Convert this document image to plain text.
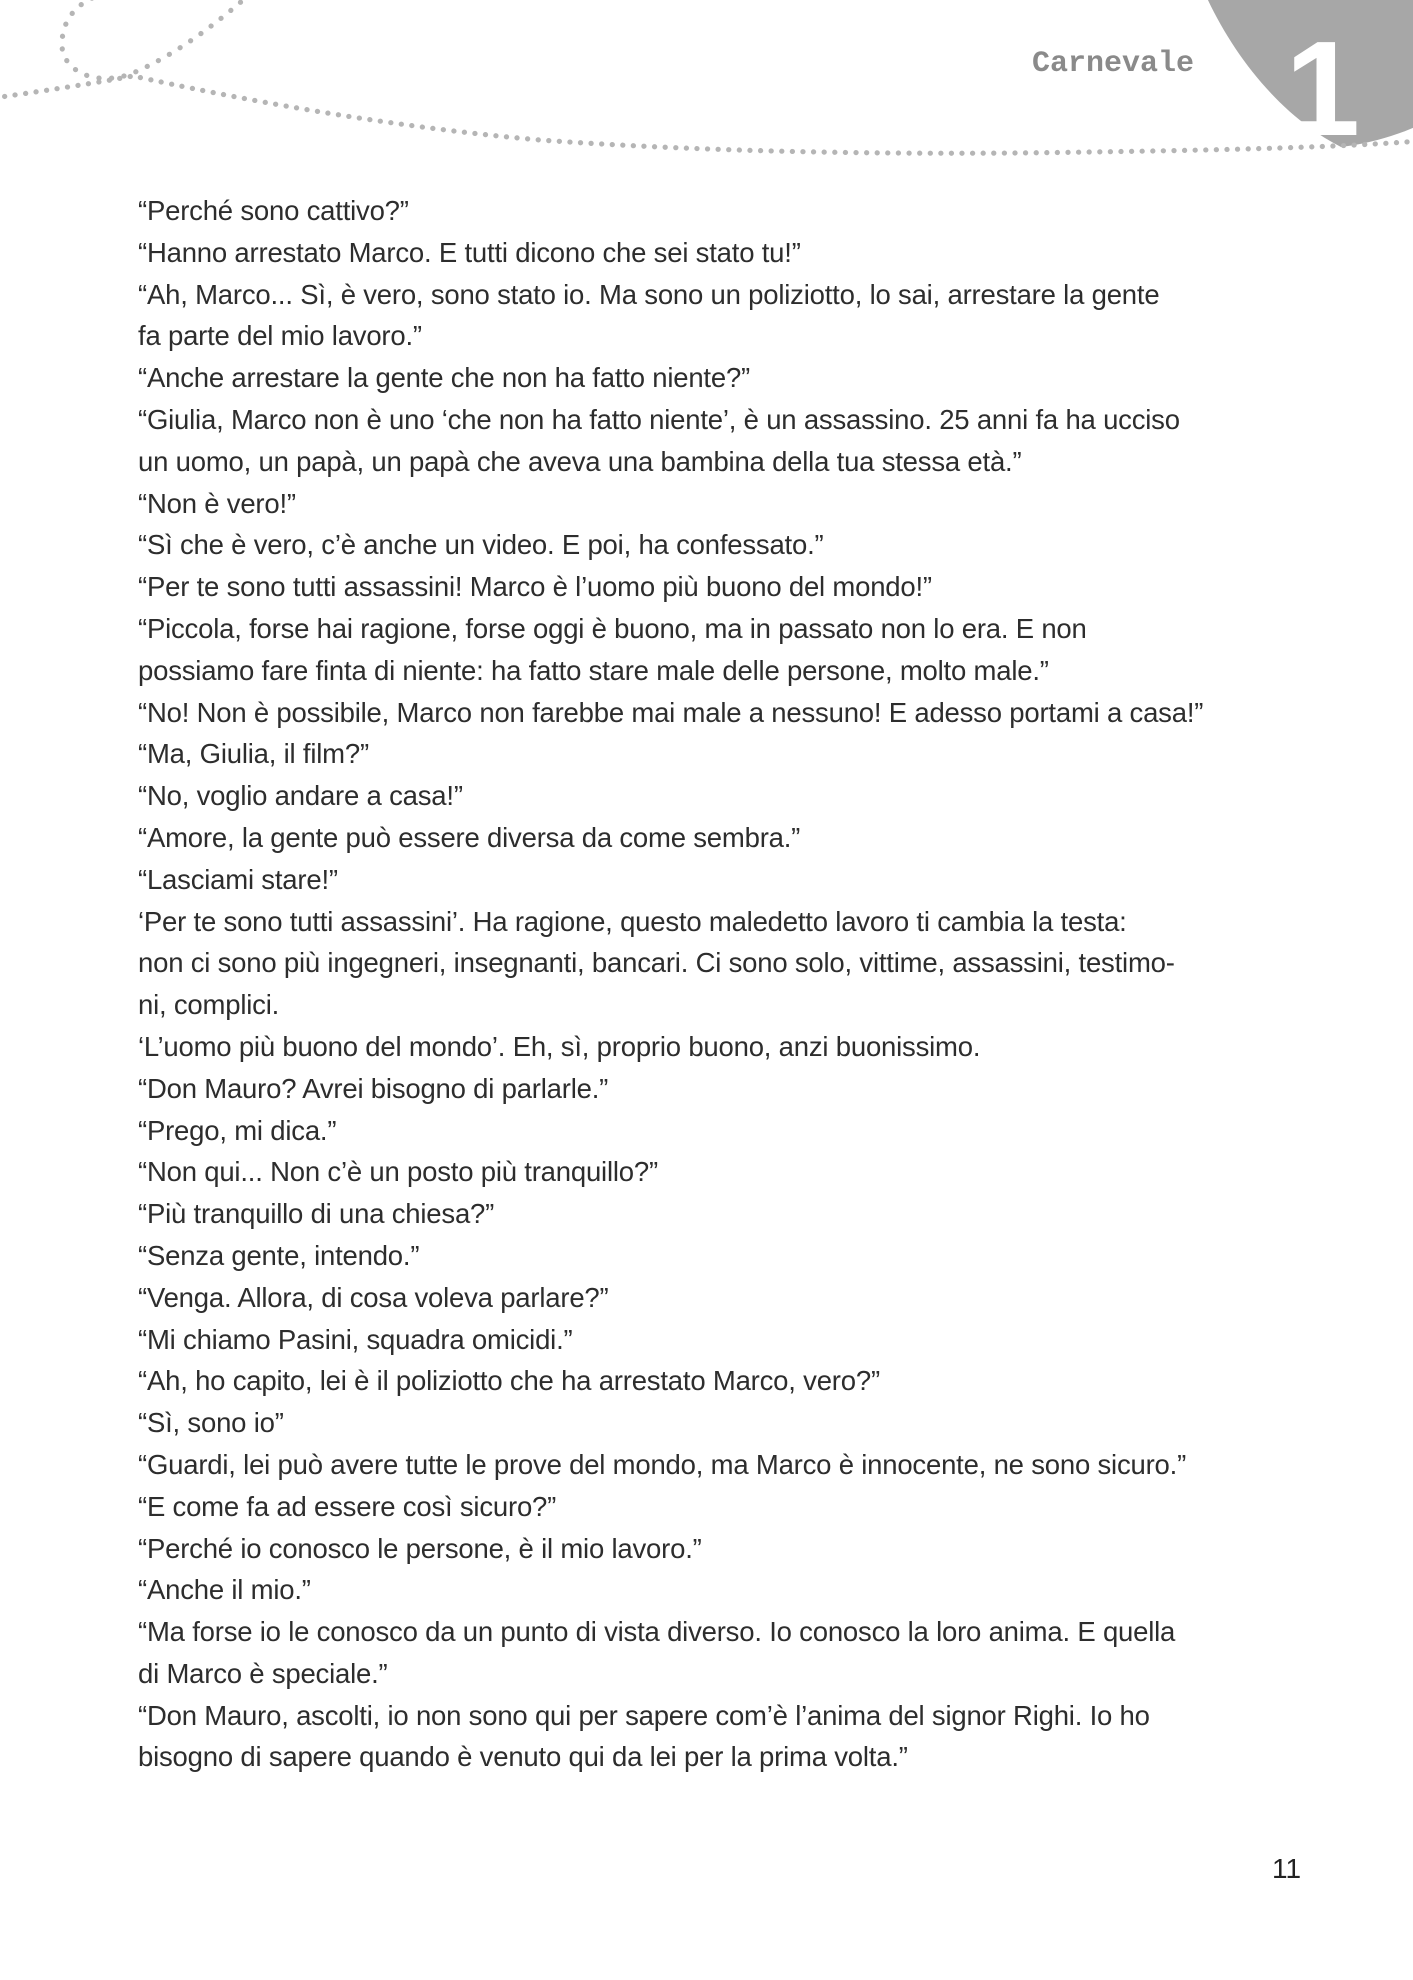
Carnevale 1
“Perché sono cattivo?”
“Hanno arrestato Marco. E tutti dicono che sei stato tu!”
“Ah, Marco... Sì, è vero, sono stato io. Ma sono un poliziotto, lo sai, arrestare la gente
fa parte del mio lavoro.”
“Anche arrestare la gente che non ha fatto niente?”
“Giulia, Marco non è uno ‘che non ha fatto niente’, è un assassino. 25 anni fa ha ucciso
un uomo, un papà, un papà che aveva una bambina della tua stessa età.”
“Non è vero!”
“Sì che è vero, c’è anche un video. E poi, ha confessato.”
“Per te sono tutti assassini! Marco è l’uomo più buono del mondo!”
“Piccola, forse hai ragione, forse oggi è buono, ma in passato non lo era. E non
possiamo fare finta di niente: ha fatto stare male delle persone, molto male.”
“No! Non è possibile, Marco non farebbe mai male a nessuno! E adesso portami a casa!”
“Ma, Giulia, il film?”
“No, voglio andare a casa!”
“Amore, la gente può essere diversa da come sembra.”
“Lasciami stare!”
‘Per te sono tutti assassini’. Ha ragione, questo maledetto lavoro ti cambia la testa:
non ci sono più ingegneri, insegnanti, bancari. Ci sono solo, vittime, assassini, testimo-
ni, complici.
‘L’uomo più buono del mondo’. Eh, sì, proprio buono, anzi buonissimo.
“Don Mauro? Avrei bisogno di parlarle.”
“Prego, mi dica.”
“Non qui... Non c’è un posto più tranquillo?”
“Più tranquillo di una chiesa?”
“Senza gente, intendo.”
“Venga. Allora, di cosa voleva parlare?”
“Mi chiamo Pasini, squadra omicidi.”
“Ah, ho capito, lei è il poliziotto che ha arrestato Marco, vero?”
“Sì, sono io”
“Guardi, lei può avere tutte le prove del mondo, ma Marco è innocente, ne sono sicuro.”
“E come fa ad essere così sicuro?”
“Perché io conosco le persone, è il mio lavoro.”
“Anche il mio.”
“Ma forse io le conosco da un punto di vista diverso. Io conosco la loro anima. E quella
di Marco è speciale.”
“Don Mauro, ascolti, io non sono qui per sapere com’è l’anima del signor Righi. Io ho
bisogno di sapere quando è venuto qui da lei per la prima volta.”
11
